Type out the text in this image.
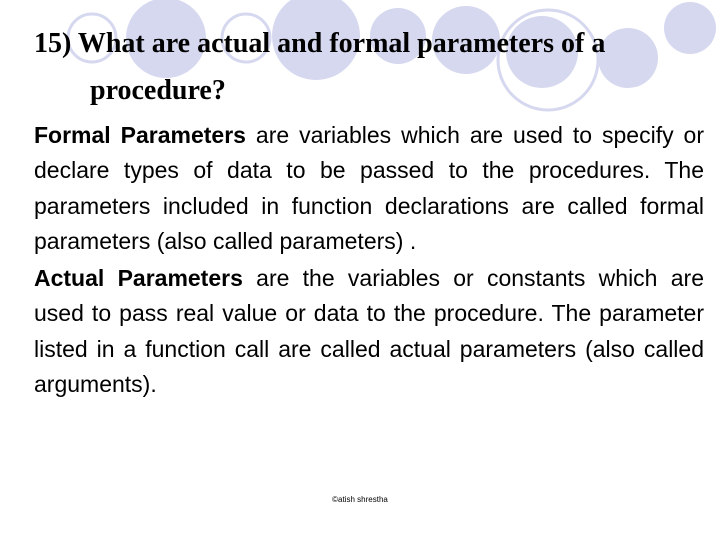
15) What are actual and formal parameters of a
procedure?

Formal Parameters are variables which are used to specify or declare types of data to be passed to the procedures. The parameters included in function declarations are called formal parameters (also called parameters) .

Actual Parameters are the variables or constants which are used to pass real value or data to the procedure. The parameter listed in a function call are called actual parameters (also called arguments).

©atish shrestha
